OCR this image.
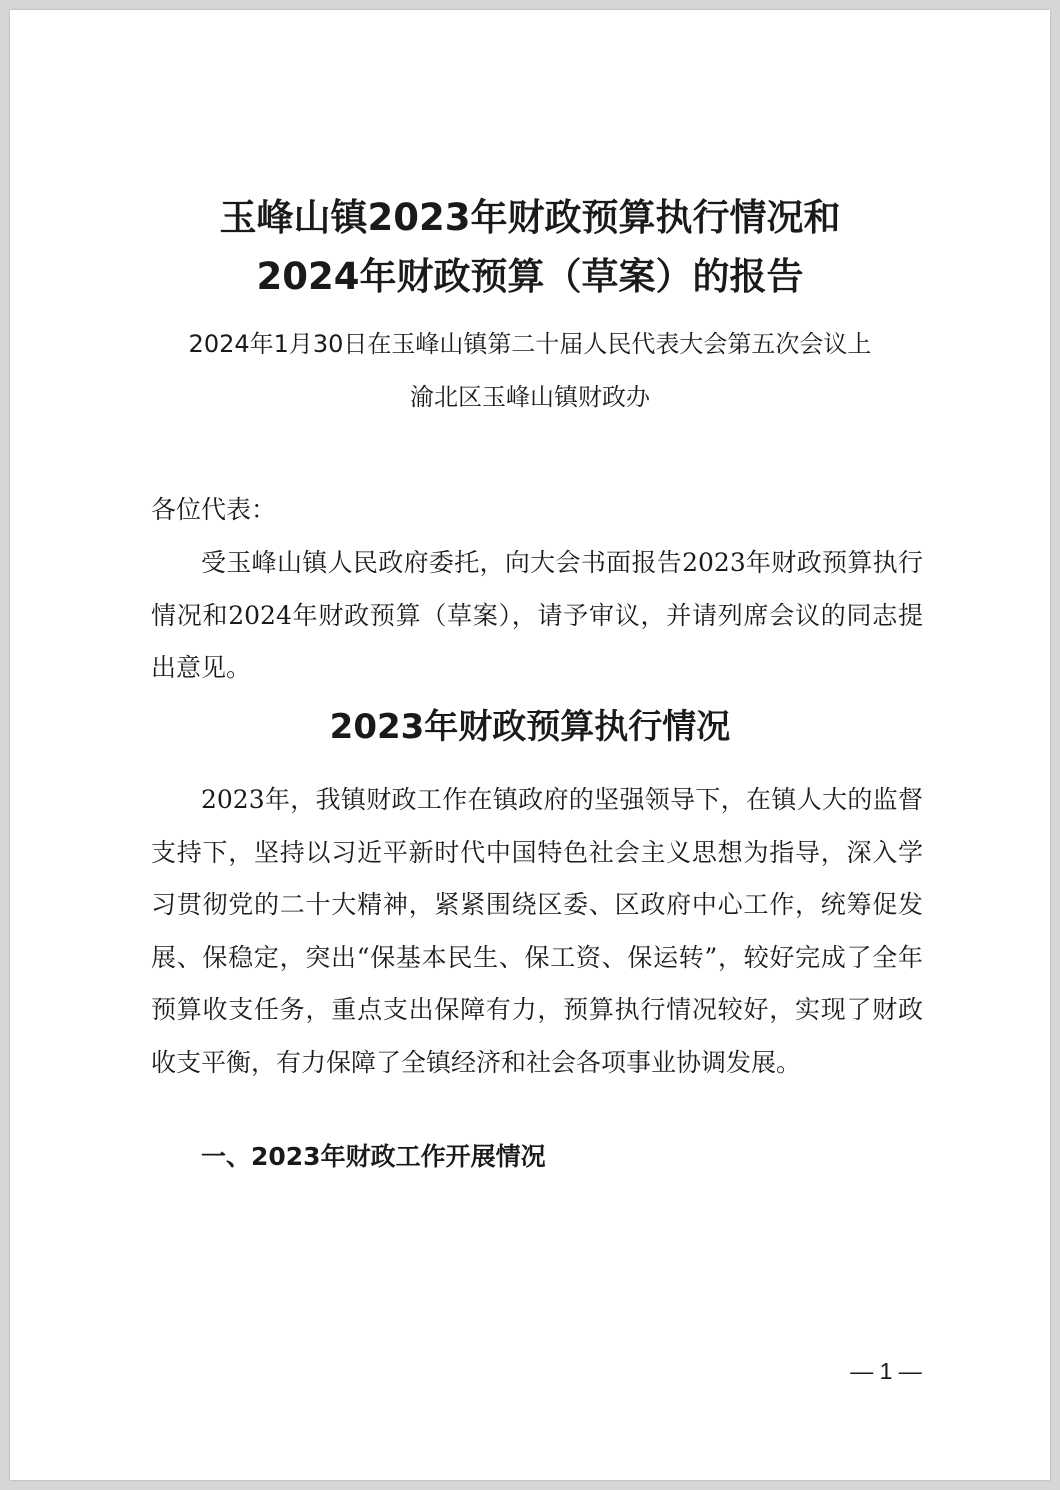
玉峰山镇2023年财政预算执行情况和
2024年财政预算（草案）的报告
2024年1月30日在玉峰山镇第二十届人民代表大会第五次会议上
渝北区玉峰山镇财政办

各位代表：

受玉峰山镇人民政府委托，向大会书面报告2023年财政预算执行情况和2024年财政预算（草案），请予审议，并请列席会议的同志提出意见。

2023年财政预算执行情况

2023年，我镇财政工作在镇政府的坚强领导下，在镇人大的监督支持下，坚持以习近平新时代中国特色社会主义思想为指导，深入学习贯彻党的二十大精神，紧紧围绕区委、区政府中心工作，统筹促发展、保稳定，突出“保基本民生、保工资、保运转”，较好完成了全年预算收支任务，重点支出保障有力，预算执行情况较好，实现了财政收支平衡，有力保障了全镇经济和社会各项事业协调发展。

一、2023年财政工作开展情况
— 1 —
